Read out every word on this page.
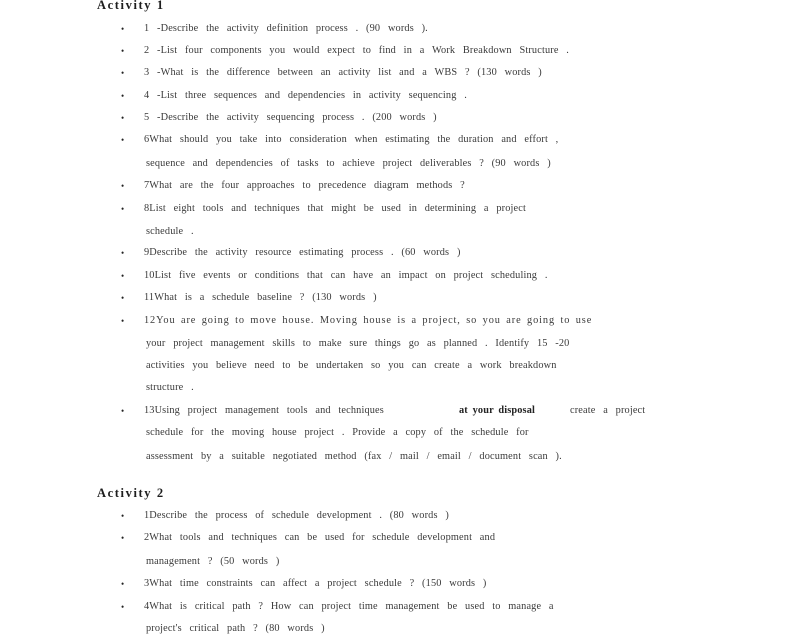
Activity 1
• 1 -Describe the activity definition process . (90 words ).
• 2 -List four components you would expect to find in a Work Breakdown Structure .
• 3 -What is the difference between an activity list and a WBS ? (130 words )
• 4 -List three sequences and dependencies in activity sequencing .
• 5 -Describe the activity sequencing process . (200 words )
• 6What should you take into consideration when estimating the duration and effort ,
sequence and dependencies of tasks to achieve project deliverables ? (90 words )
• 7What are the four approaches to precedence diagram methods ?
• 8List eight tools and techniques that might be used in determining a project
schedule .
• 9Describe the activity resource estimating process . (60 words )
• 10List five events or conditions that can have an impact on project scheduling .
• 11What is a schedule baseline ? (130 words )
• 12You are going to move house. Moving house is a project, so you are going to use
your project management skills to make sure things go as planned . Identify 15 -20
activities you believe need to be undertaken so you can create a work breakdown
structure .
• 13Using project management tools and techniques	at your disposal	create a project
schedule for the moving house project . Provide a copy of the schedule for
assessment by a suitable negotiated method (fax / mail / email / document scan ).
Activity 2
• 1Describe the process of schedule development . (80 words )
• 2What tools and techniques can be used for schedule development and
management ? (50 words )
• 3What time constraints can affect a project schedule ? (150 words )
• 4What is critical path ? How can project time management be used to manage a
project's critical path ? (80 words )
